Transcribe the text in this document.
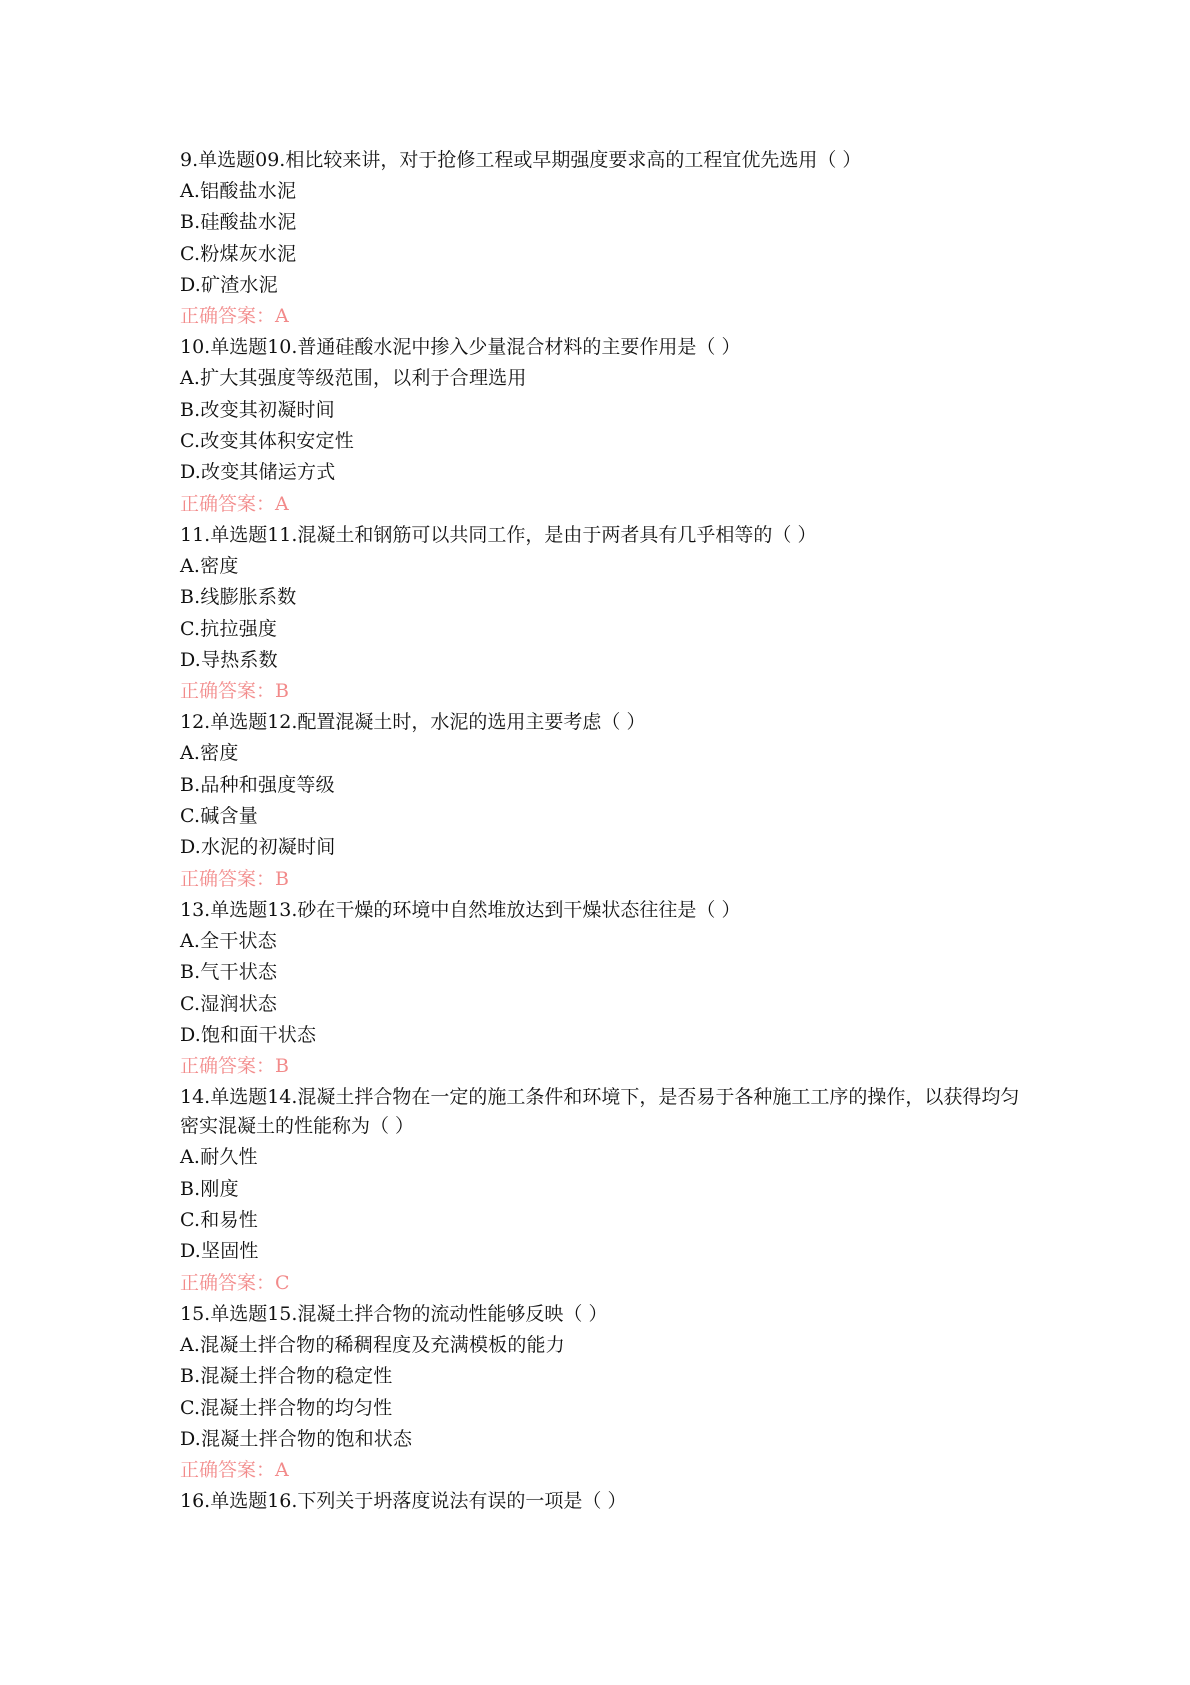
9.单选题09.相比较来讲，对于抢修工程或早期强度要求高的工程宜优先选用（ ）
A.铝酸盐水泥
B.硅酸盐水泥
C.粉煤灰水泥
D.矿渣水泥
正确答案：A
10.单选题10.普通硅酸水泥中掺入少量混合材料的主要作用是（ ）
A.扩大其强度等级范围，以利于合理选用
B.改变其初凝时间
C.改变其体积安定性
D.改变其储运方式
正确答案：A
11.单选题11.混凝土和钢筋可以共同工作，是由于两者具有几乎相等的（ ）
A.密度
B.线膨胀系数
C.抗拉强度
D.导热系数
正确答案：B
12.单选题12.配置混凝土时，水泥的选用主要考虑（ ）
A.密度
B.品种和强度等级
C.碱含量
D.水泥的初凝时间
正确答案：B
13.单选题13.砂在干燥的环境中自然堆放达到干燥状态往往是（ ）
A.全干状态
B.气干状态
C.湿润状态
D.饱和面干状态
正确答案：B
14.单选题14.混凝土拌合物在一定的施工条件和环境下，是否易于各种施工工序的操作，以获得均匀密实混凝土的性能称为（ ）
A.耐久性
B.刚度
C.和易性
D.坚固性
正确答案：C
15.单选题15.混凝土拌合物的流动性能够反映（ ）
A.混凝土拌合物的稀稠程度及充满模板的能力
B.混凝土拌合物的稳定性
C.混凝土拌合物的均匀性
D.混凝土拌合物的饱和状态
正确答案：A
16.单选题16.下列关于坍落度说法有误的一项是（ ）
